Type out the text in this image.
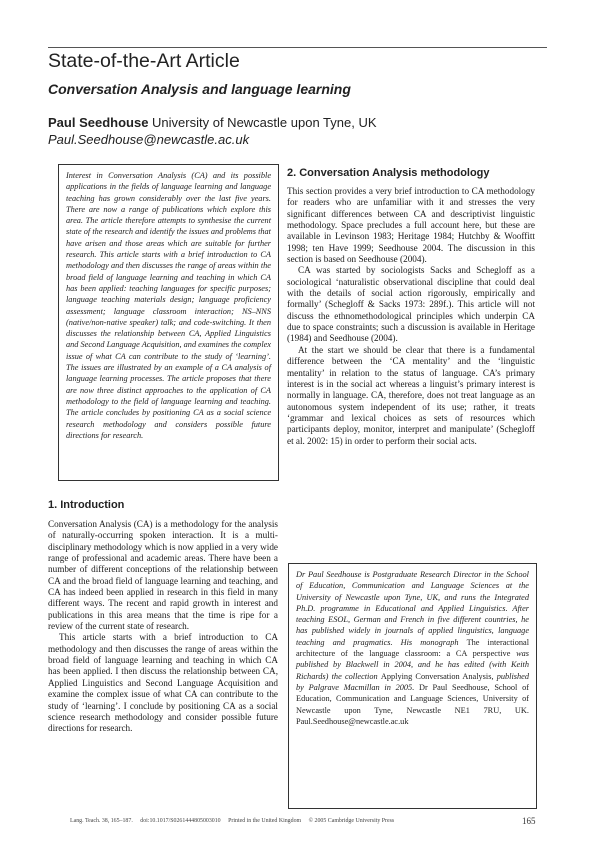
State-of-the-Art Article
Conversation Analysis and language learning
Paul Seedhouse University of Newcastle upon Tyne, UK
Paul.Seedhouse@newcastle.ac.uk
Interest in Conversation Analysis (CA) and its possible applications in the fields of language learning and language teaching has grown considerably over the last five years. There are now a range of publications which explore this area. The article therefore attempts to synthesise the current state of the research and identify the issues and problems that have arisen and those areas which are suitable for further research. This article starts with a brief introduction to CA methodology and then discusses the range of areas within the broad field of language learning and teaching in which CA has been applied: teaching languages for specific purposes; language teaching materials design; language proficiency assessment; language classroom interaction; NS–NNS (native/non-native speaker) talk; and code-switching. It then discusses the relationship between CA, Applied Linguistics and Second Language Acquisition, and examines the complex issue of what CA can contribute to the study of ‘learning’. The issues are illustrated by an example of a CA analysis of language learning processes. The article proposes that there are now three distinct approaches to the application of CA methodology to the field of language learning and teaching. The article concludes by positioning CA as a social science research methodology and considers possible future directions for research.
1. Introduction

Conversation Analysis (CA) is a methodology for the analysis of naturally-occurring spoken interaction. It is a multi-disciplinary methodology which is now applied in a very wide range of professional and academic areas. There have been a number of different conceptions of the relationship between CA and the broad field of language learning and teaching, and CA has indeed been applied in research in this field in many different ways. The recent and rapid growth in interest and publications in this area means that the time is ripe for a review of the current state of research.

This article starts with a brief introduction to CA methodology and then discusses the range of areas within the broad field of language learning and teaching in which CA has been applied. I then discuss the relationship between CA, Applied Linguistics and Second Language Acquisition and examine the complex issue of what CA can contribute to the study of ‘learning’. I conclude by positioning CA as a social science research methodology and consider possible future directions for research.

2. Conversation Analysis methodology

This section provides a very brief introduction to CA methodology for readers who are unfamiliar with it and stresses the very significant differences between CA and descriptivist linguistic methodology. Space precludes a full account here, but these are available in Levinson 1983; Heritage 1984; Hutchby & Wooffitt 1998; ten Have 1999; Seedhouse 2004. The discussion in this section is based on Seedhouse (2004).

CA was started by sociologists Sacks and Schegloff as a sociological ‘naturalistic observational discipline that could deal with the details of social action rigorously, empirically and formally’ (Schegloff & Sacks 1973: 289f.). This article will not discuss the ethnomethodological principles which underpin CA due to space constraints; such a discussion is available in Heritage (1984) and Seedhouse (2004).

At the start we should be clear that there is a fundamental difference between the ‘CA mentality’ and the ‘linguistic mentality’ in relation to the status of language. CA’s primary interest is in the social act whereas a linguist’s primary interest is normally in language. CA, therefore, does not treat language as an autonomous system independent of its use; rather, it treats ‘grammar and lexical choices as sets of resources which participants deploy, monitor, interpret and manipulate’ (Schegloff et al. 2002: 15) in order to perform their social acts.

Dr Paul Seedhouse is Postgraduate Research Director in the School of Education, Communication and Language Sciences at the University of Newcastle upon Tyne, UK, and runs the Integrated Ph.D. programme in Educational and Applied Linguistics. After teaching ESOL, German and French in five different countries, he has published widely in journals of applied linguistics, language teaching and pragmatics. His monograph The interactional architecture of the language classroom: a CA perspective was published by Blackwell in 2004, and he has edited (with Keith Richards) the collection Applying Conversation Analysis, published by Palgrave Macmillan in 2005. Dr Paul Seedhouse, School of Education, Communication and Language Sciences, University of Newcastle upon Tyne, Newcastle NE1 7RU, UK. Paul.Seedhouse@newcastle.ac.uk

Lang. Teach. 38, 165–187. doi:10.1017/S0261444805003010 Printed in the United Kingdom © 2005 Cambridge University Press	165
